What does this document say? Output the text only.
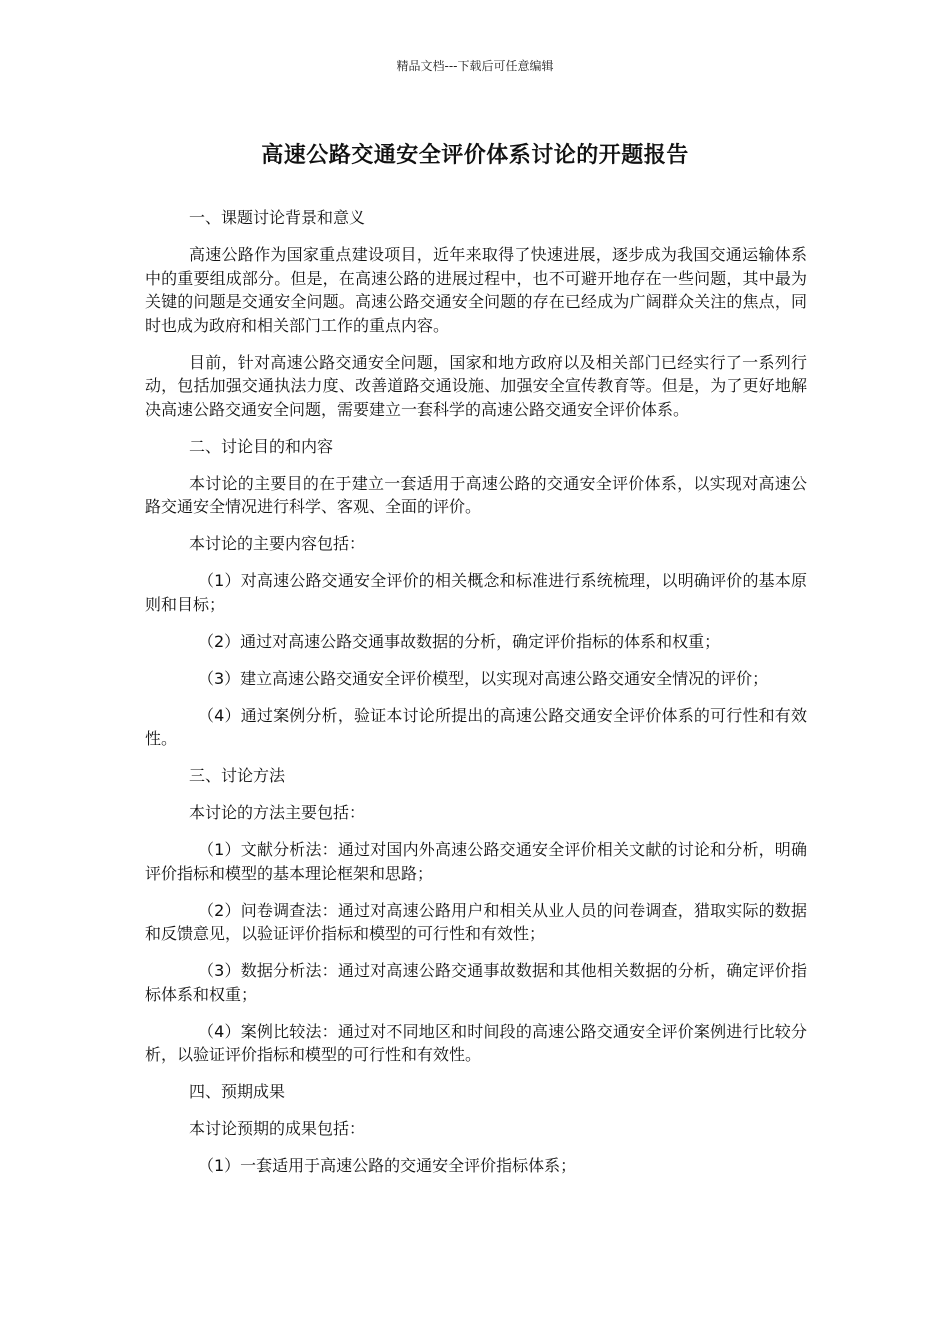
精品文档---下载后可任意编辑
高速公路交通安全评价体系讨论的开题报告

一、课题讨论背景和意义

高速公路作为国家重点建设项目，近年来取得了快速进展，逐步成为我国交通运输体系中的重要组成部分。但是，在高速公路的进展过程中，也不可避开地存在一些问题，其中最为关键的问题是交通安全问题。高速公路交通安全问题的存在已经成为广阔群众关注的焦点，同时也成为政府和相关部门工作的重点内容。

目前，针对高速公路交通安全问题，国家和地方政府以及相关部门已经实行了一系列行动，包括加强交通执法力度、改善道路交通设施、加强安全宣传教育等。但是，为了更好地解决高速公路交通安全问题，需要建立一套科学的高速公路交通安全评价体系。

二、讨论目的和内容

本讨论的主要目的在于建立一套适用于高速公路的交通安全评价体系，以实现对高速公路交通安全情况进行科学、客观、全面的评价。

本讨论的主要内容包括：

（1）对高速公路交通安全评价的相关概念和标准进行系统梳理，以明确评价的基本原则和目标；

（2）通过对高速公路交通事故数据的分析，确定评价指标的体系和权重；

（3）建立高速公路交通安全评价模型，以实现对高速公路交通安全情况的评价；

（4）通过案例分析，验证本讨论所提出的高速公路交通安全评价体系的可行性和有效性。

三、讨论方法

本讨论的方法主要包括：

（1）文献分析法：通过对国内外高速公路交通安全评价相关文献的讨论和分析，明确评价指标和模型的基本理论框架和思路；

（2）问卷调查法：通过对高速公路用户和相关从业人员的问卷调查，猎取实际的数据和反馈意见，以验证评价指标和模型的可行性和有效性；

（3）数据分析法：通过对高速公路交通事故数据和其他相关数据的分析，确定评价指标体系和权重；

（4）案例比较法：通过对不同地区和时间段的高速公路交通安全评价案例进行比较分析，以验证评价指标和模型的可行性和有效性。

四、预期成果

本讨论预期的成果包括：

（1）一套适用于高速公路的交通安全评价指标体系；
